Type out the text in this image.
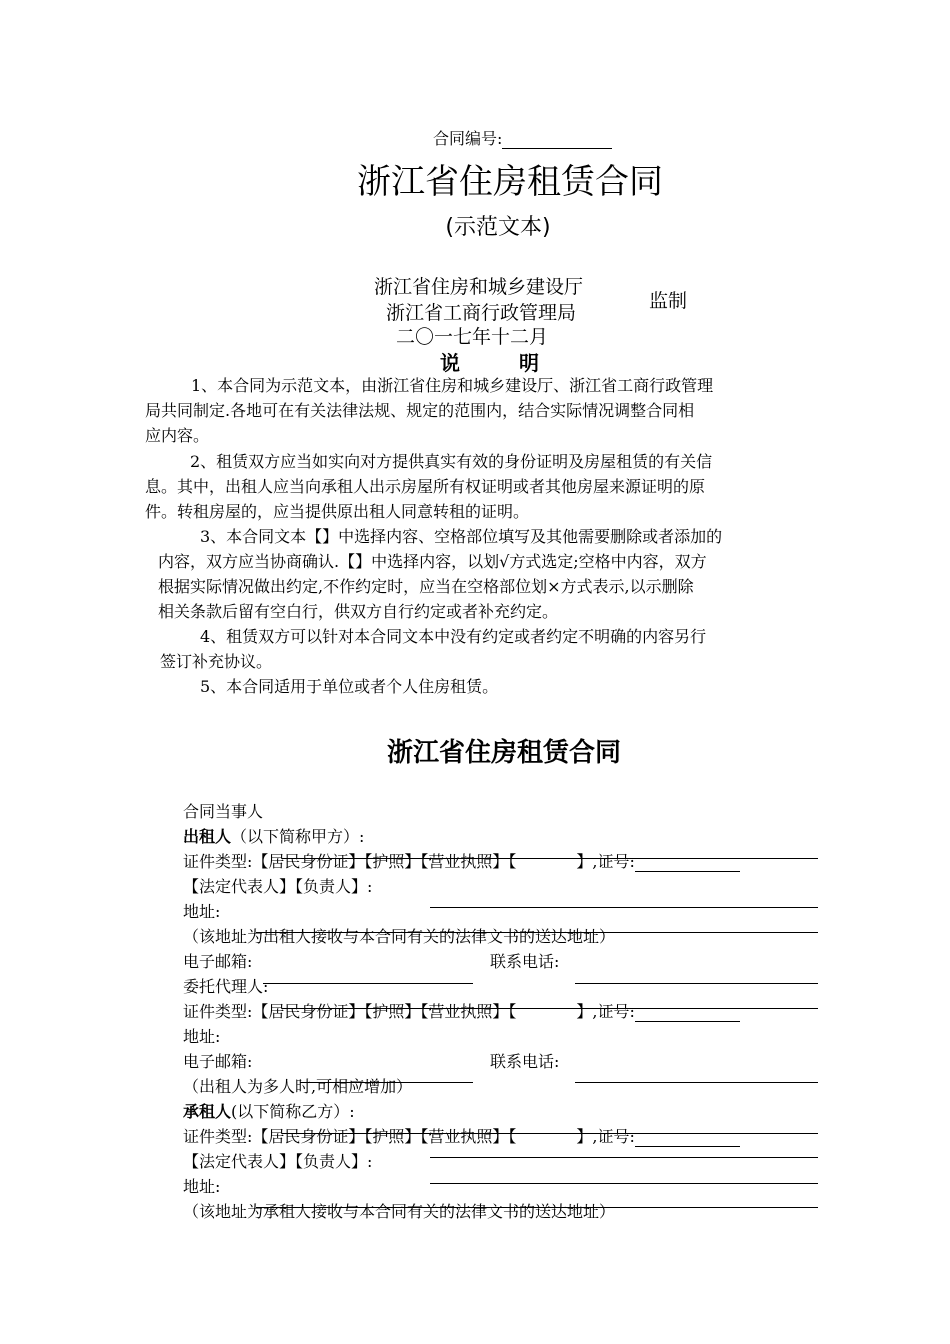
合同编号:
浙江省住房租赁合同
(示范文本)
浙江省住房和城乡建设厅
浙江省工商行政管理局
监制
二〇一七年十二月
说 明
1、本合同为示范文本，由浙江省住房和城乡建设厅、浙江省工商行政管理
局共同制定.各地可在有关法律法规、规定的范围内，结合实际情况调整合同相
应内容。
2、租赁双方应当如实向对方提供真实有效的身份证明及房屋租赁的有关信
息。其中，出租人应当向承租人出示房屋所有权证明或者其他房屋来源证明的原
件。转租房屋的，应当提供原出租人同意转租的证明。
3、本合同文本【】中选择内容、空格部位填写及其他需要删除或者添加的
内容，双方应当协商确认.【】中选择内容，以划√方式选定;空格中内容，双方
根据实际情况做出约定,不作约定时，应当在空格部位划×方式表示,以示删除
相关条款后留有空白行，供双方自行约定或者补充约定。
4、租赁双方可以针对本合同文本中没有约定或者约定不明确的内容另行
签订补充协议。
5、本合同适用于单位或者个人住房租赁。
浙江省住房租赁合同
合同当事人
出租人（以下简称甲方）:
证件类型:【居民身份证】【护照】【营业执照】【	】,证号:
【法定代表人】【负责人】:
地址:
（该地址为出租人接收与本合同有关的法律文书的送达地址）
电子邮箱:	联系电话:
委托代理人:
证件类型:【居民身份证】【护照】【营业执照】【	】,证号:
地址:
电子邮箱:	联系电话:
（出租人为多人时,可相应增加）
承租人(以下简称乙方）:
证件类型:【居民身份证】【护照】【营业执照】【	】,证号:
【法定代表人】【负责人】:
地址:
（该地址为承租人接收与本合同有关的法律文书的送达地址）
